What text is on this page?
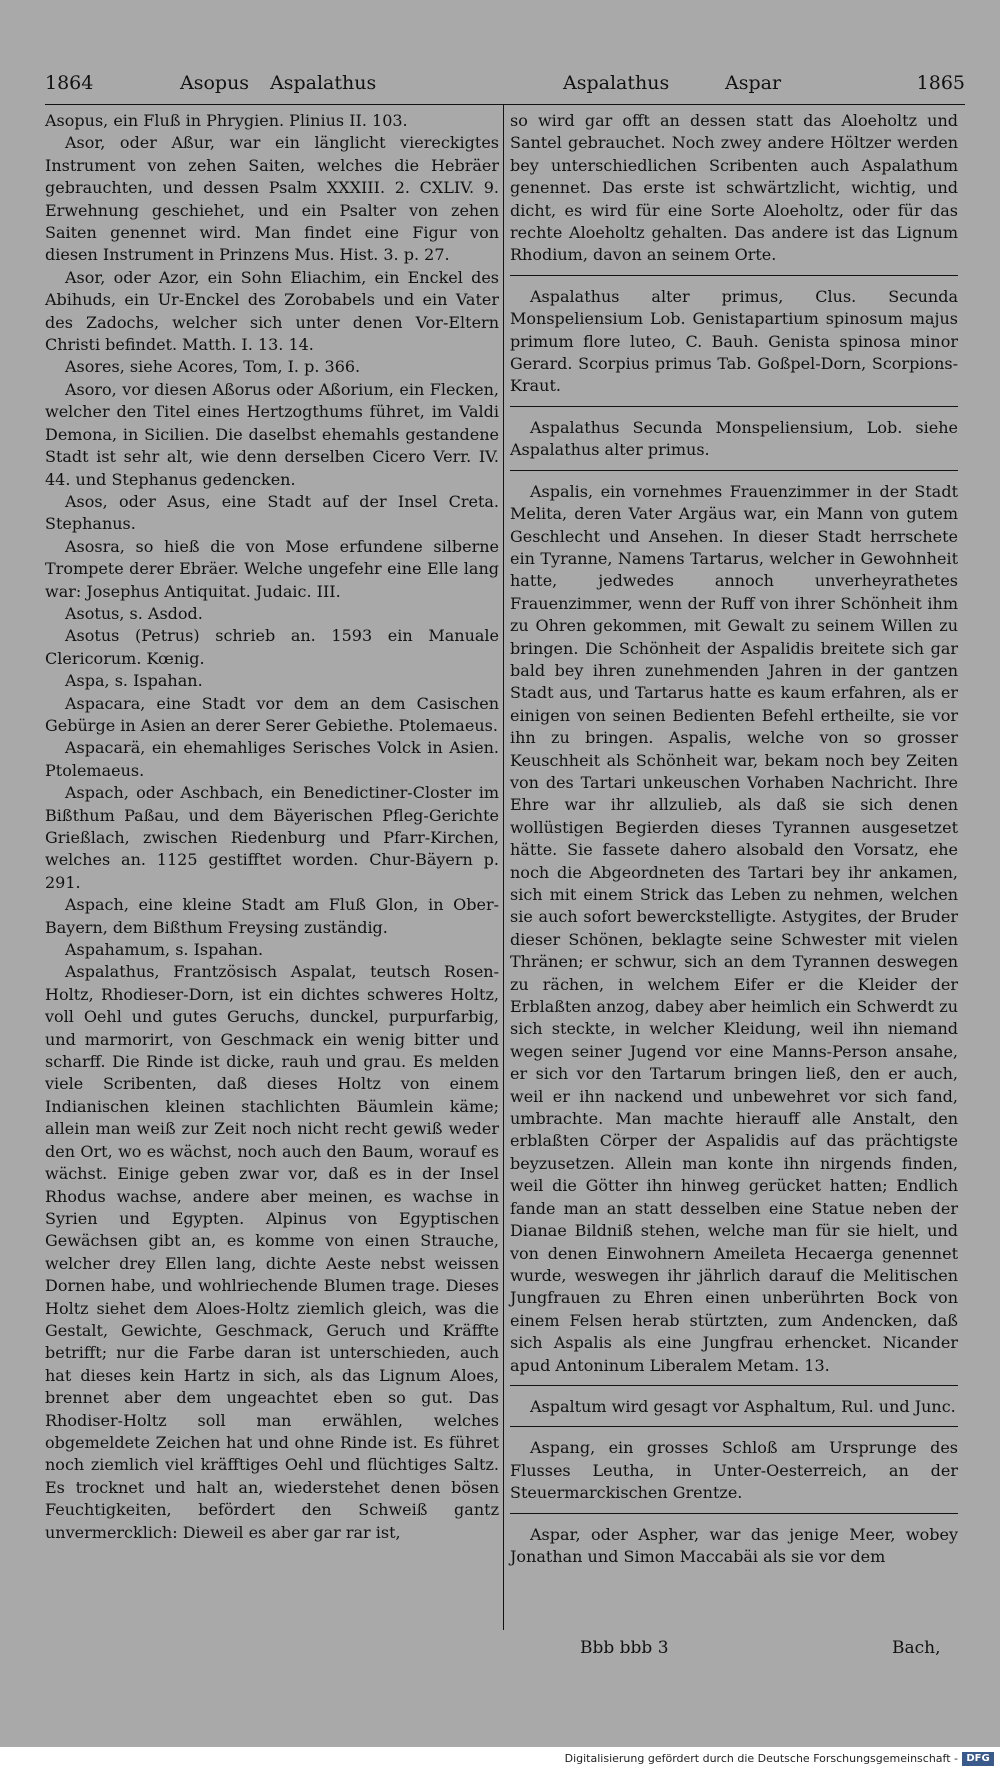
1864	Asopus Aspalathus	Aspalathus	Aspar	1865

Asopus, ein Fluß in Phrygien. Plinius II. 103.

Asor, oder Aßur, war ein länglicht viereckigtes Instrument von zehen Saiten, welches die Hebräer gebrauchten, und dessen Psalm XXXIII. 2. CXLIV. 9. Erwehnung geschiehet, und ein Psalter von zehen Saiten genennet wird. Man findet eine Figur von diesen Instrument in Prinzens Mus. Hist. 3. p. 27.

Asor, oder Azor, ein Sohn Eliachim, ein Enckel des Abihuds, ein Ur-Enckel des Zorobabels und ein Vater des Zadochs, welcher sich unter denen Vor-Eltern Christi befindet. Matth. I. 13. 14.

Asores, siehe Acores, Tom, I. p. 366.

Asoro, vor diesen Aßorus oder Aßorium, ein Flecken, welcher den Titel eines Hertzogthums führet, im Valdi Demona, in Sicilien. Die daselbst ehemahls gestandene Stadt ist sehr alt, wie denn derselben Cicero Verr. IV. 44. und Stephanus gedencken.

Asos, oder Asus, eine Stadt auf der Insel Creta. Stephanus.

Asosra, so hieß die von Mose erfundene silberne Trompete derer Ebräer. Welche ungefehr eine Elle lang war: Josephus Antiquitat. Judaic. III.

Asotus, s. Asdod.

Asotus (Petrus) schrieb an. 1593 ein Manuale Clericorum. Kœnig.

Aspa, s. Ispahan.

Aspacara, eine Stadt vor dem an dem Casischen Gebürge in Asien an derer Serer Gebiethe. Ptolemaeus.

Aspacarä, ein ehemahliges Serisches Volck in Asien. Ptolemaeus.

Aspach, oder Aschbach, ein Benedictiner-Closter im Bißthum Paßau, und dem Bäyerischen Pfleg-Gerichte Grießlach, zwischen Riedenburg und Pfarr-Kirchen, welches an. 1125 gestifftet worden. Chur-Bäyern p. 291.

Aspach, eine kleine Stadt am Fluß Glon, in Ober-Bayern, dem Bißthum Freysing zuständig.

Aspahamum, s. Ispahan.

Aspalathus, Frantzösisch Aspalat, teutsch Rosen-Holtz, Rhodieser-Dorn, ist ein dichtes schweres Holtz, voll Oehl und gutes Geruchs, dunckel, purpurfarbig, und marmorirt, von Geschmack ein wenig bitter und scharff. Die Rinde ist dicke, rauh und grau. Es melden viele Scribenten, daß dieses Holtz von einem Indianischen kleinen stachlichten Bäumlein käme; allein man weiß zur Zeit noch nicht recht gewiß weder den Ort, wo es wächst, noch auch den Baum, worauf es wächst. Einige geben zwar vor, daß es in der Insel Rhodus wachse, andere aber meinen, es wachse in Syrien und Egypten. Alpinus von Egyptischen Gewächsen gibt an, es komme von einen Strauche, welcher drey Ellen lang, dichte Aeste nebst weissen Dornen habe, und wohlriechende Blumen trage. Dieses Holtz siehet dem Aloes-Holtz ziemlich gleich, was die Gestalt, Gewichte, Geschmack, Geruch und Kräffte betrifft; nur die Farbe daran ist unterschieden, auch hat dieses kein Hartz in sich, als das Lignum Aloes, brennet aber dem ungeachtet eben so gut. Das Rhodiser-Holtz soll man erwählen, welches obgemeldete Zeichen hat und ohne Rinde ist. Es führet noch ziemlich viel kräfftiges Oehl und flüchtiges Saltz. Es trocknet und halt an, wiederstehet denen bösen Feuchtigkeiten, befördert den Schweiß gantz unvermercklich: Dieweil es aber gar rar ist,

so wird gar offt an dessen statt das Aloeholtz und Santel gebrauchet. Noch zwey andere Höltzer werden bey unterschiedlichen Scribenten auch Aspalathum genennet. Das erste ist schwärtzlicht, wichtig, und dicht, es wird für eine Sorte Aloeholtz, oder für das rechte Aloeholtz gehalten. Das andere ist das Lignum Rhodium, davon an seinem Orte.

Aspalathus alter primus, Clus. Secunda Monspeliensium Lob. Genistapartium spinosum majus primum flore luteo, C. Bauh. Genista spinosa minor Gerard. Scorpius primus Tab. Goßpel-Dorn, Scorpions-Kraut.

Aspalathus Secunda Monspeliensium, Lob. siehe Aspalathus alter primus.

Aspalis, ein vornehmes Frauenzimmer in der Stadt Melita, deren Vater Argäus war, ein Mann von gutem Geschlecht und Ansehen. In dieser Stadt herrschete ein Tyranne, Namens Tartarus, welcher in Gewohnheit hatte, jedwedes annoch unverheyrathetes Frauenzimmer, wenn der Ruff von ihrer Schönheit ihm zu Ohren gekommen, mit Gewalt zu seinem Willen zu bringen. Die Schönheit der Aspalidis breitete sich gar bald bey ihren zunehmenden Jahren in der gantzen Stadt aus, und Tartarus hatte es kaum erfahren, als er einigen von seinen Bedienten Befehl ertheilte, sie vor ihn zu bringen. Aspalis, welche von so grosser Keuschheit als Schönheit war, bekam noch bey Zeiten von des Tartari unkeuschen Vorhaben Nachricht. Ihre Ehre war ihr allzulieb, als daß sie sich denen wollüstigen Begierden dieses Tyrannen ausgesetzet hätte. Sie fassete dahero alsobald den Vorsatz, ehe noch die Abgeordneten des Tartari bey ihr ankamen, sich mit einem Strick das Leben zu nehmen, welchen sie auch sofort bewerckstelligte. Astygites, der Bruder dieser Schönen, beklagte seine Schwester mit vielen Thränen; er schwur, sich an dem Tyrannen deswegen zu rächen, in welchem Eifer er die Kleider der Erblaßten anzog, dabey aber heimlich ein Schwerdt zu sich steckte, in welcher Kleidung, weil ihn niemand wegen seiner Jugend vor eine Manns-Person ansahe, er sich vor den Tartarum bringen ließ, den er auch, weil er ihn nackend und unbewehret vor sich fand, umbrachte. Man machte hierauff alle Anstalt, den erblaßten Cörper der Aspalidis auf das prächtigste beyzusetzen. Allein man konte ihn nirgends finden, weil die Götter ihn hinweg gerücket hatten; Endlich fande man an statt desselben eine Statue neben der Dianae Bildniß stehen, welche man für sie hielt, und von denen Einwohnern Ameileta Hecaerga genennet wurde, weswegen ihr jährlich darauf die Melitischen Jungfrauen zu Ehren einen unberührten Bock von einem Felsen herab stürtzten, zum Andencken, daß sich Aspalis als eine Jungfrau erhencket. Nicander apud Antoninum Liberalem Metam. 13.

Aspaltum wird gesagt vor Asphaltum, Rul. und Junc.

Aspang, ein grosses Schloß am Ursprunge des Flusses Leutha, in Unter-Oesterreich, an der Steuermarckischen Grentze.

Aspar, oder Aspher, war das jenige Meer, wobey Jonathan und Simon Maccabäi als sie vor dem

Bbb bbb 3	Bach,
Digitalisierung gefördert durch die Deutsche Forschungsgemeinschaft - DFG
